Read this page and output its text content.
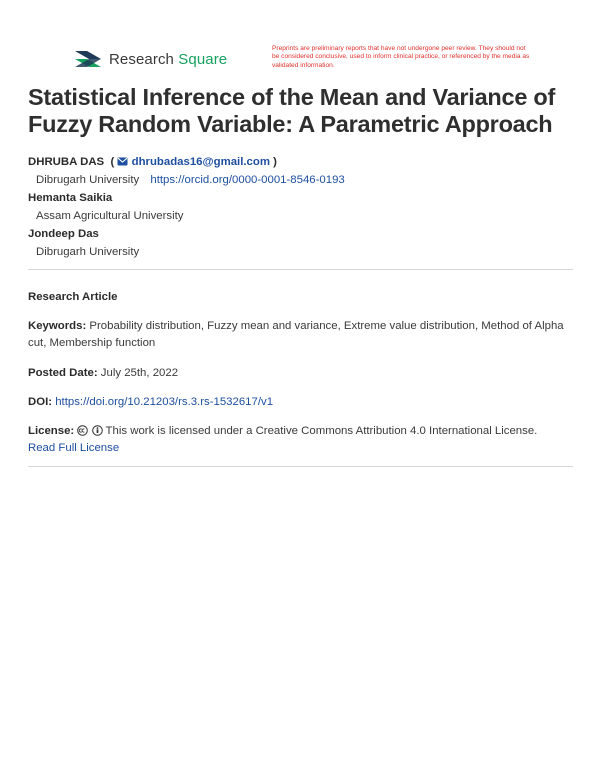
Research Square
Preprints are preliminary reports that have not undergone peer review. They should not be considered conclusive, used to inform clinical practice, or referenced by the media as validated information.
Statistical Inference of the Mean and Variance of Fuzzy Random Variable: A Parametric Approach
DHRUBA DAS  (  dhrubadas16@gmail.com )
Dibrugarh University https://orcid.org/0000-0001-8546-0193
Hemanta Saikia
Assam Agricultural University
Jondeep Das
Dibrugarh University
Research Article
Keywords: Probability distribution, Fuzzy mean and variance, Extreme value distribution, Method of Alpha cut, Membership function
Posted Date: July 25th, 2022
DOI: https://doi.org/10.21203/rs.3.rs-1532617/v1
License:	This work is licensed under a Creative Commons Attribution 4.0 International License.
Read Full License
